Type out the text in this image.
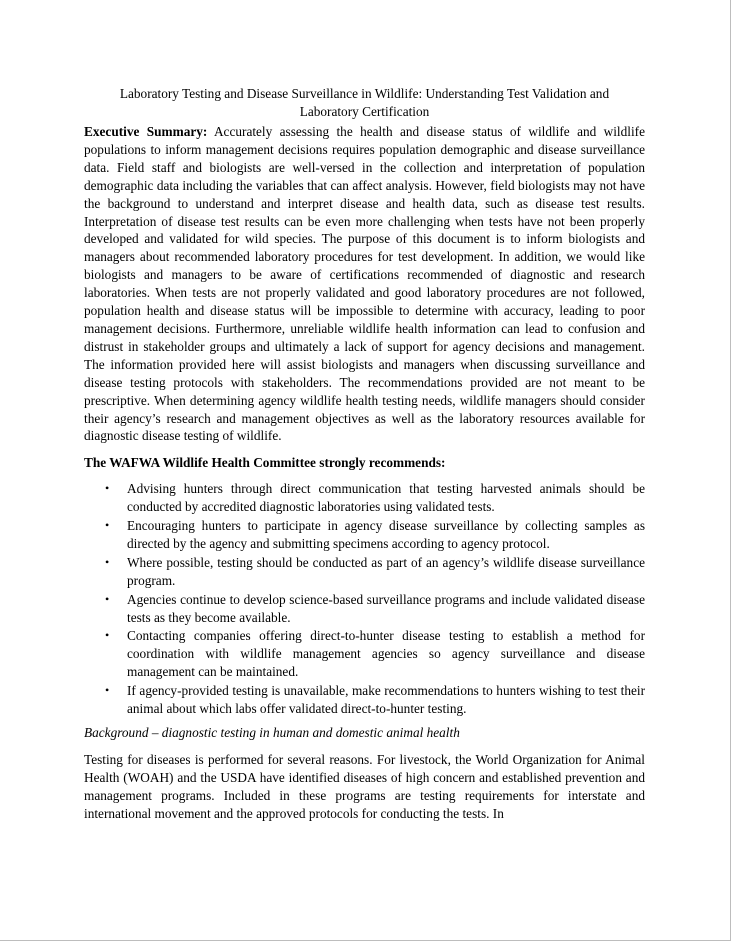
Laboratory Testing and Disease Surveillance in Wildlife: Understanding Test Validation and Laboratory Certification

Executive Summary: Accurately assessing the health and disease status of wildlife and wildlife populations to inform management decisions requires population demographic and disease surveillance data. Field staff and biologists are well-versed in the collection and interpretation of population demographic data including the variables that can affect analysis. However, field biologists may not have the background to understand and interpret disease and health data, such as disease test results. Interpretation of disease test results can be even more challenging when tests have not been properly developed and validated for wild species. The purpose of this document is to inform biologists and managers about recommended laboratory procedures for test development. In addition, we would like biologists and managers to be aware of certifications recommended of diagnostic and research laboratories. When tests are not properly validated and good laboratory procedures are not followed, population health and disease status will be impossible to determine with accuracy, leading to poor management decisions. Furthermore, unreliable wildlife health information can lead to confusion and distrust in stakeholder groups and ultimately a lack of support for agency decisions and management. The information provided here will assist biologists and managers when discussing surveillance and disease testing protocols with stakeholders. The recommendations provided are not meant to be prescriptive. When determining agency wildlife health testing needs, wildlife managers should consider their agency’s research and management objectives as well as the laboratory resources available for diagnostic disease testing of wildlife.

The WAFWA Wildlife Health Committee strongly recommends:

• Advising hunters through direct communication that testing harvested animals should be conducted by accredited diagnostic laboratories using validated tests.
• Encouraging hunters to participate in agency disease surveillance by collecting samples as directed by the agency and submitting specimens according to agency protocol.
• Where possible, testing should be conducted as part of an agency’s wildlife disease surveillance program.
• Agencies continue to develop science-based surveillance programs and include validated disease tests as they become available.
• Contacting companies offering direct-to-hunter disease testing to establish a method for coordination with wildlife management agencies so agency surveillance and disease management can be maintained.
• If agency-provided testing is unavailable, make recommendations to hunters wishing to test their animal about which labs offer validated direct-to-hunter testing.

Background – diagnostic testing in human and domestic animal health

Testing for diseases is performed for several reasons. For livestock, the World Organization for Animal Health (WOAH) and the USDA have identified diseases of high concern and established prevention and management programs. Included in these programs are testing requirements for interstate and international movement and the approved protocols for conducting the tests. In
